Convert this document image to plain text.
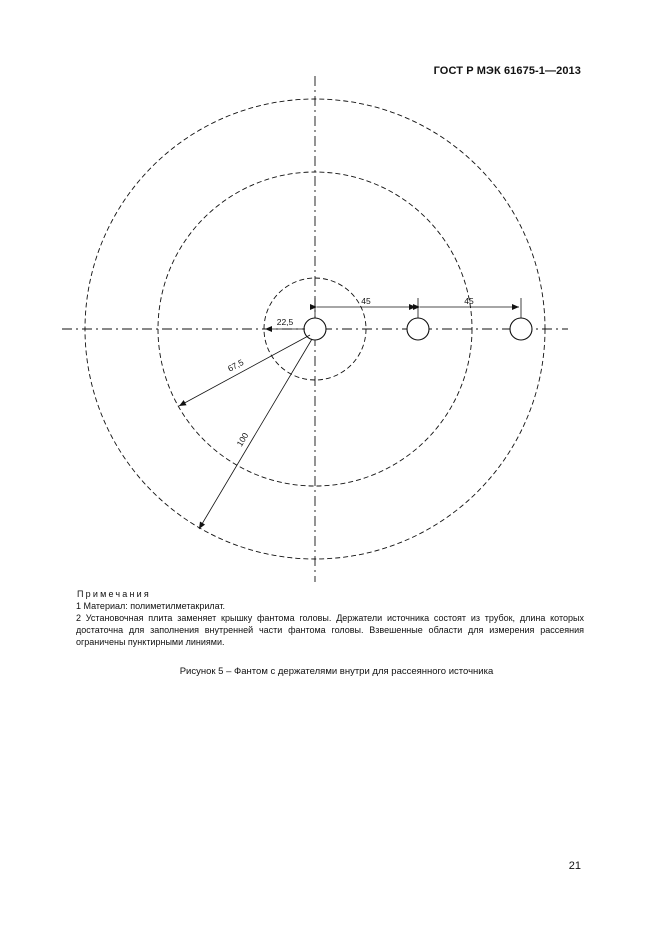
ГОСТ Р МЭК 61675-1—2013
45	45
22,5
67,5
100
Примечания
1 Материал: полиметилметакрилат.
2 Установочная плита заменяет крышку фантома головы. Держатели источника состоят из трубок, длина которых достаточна для заполнения внутренней части фантома головы. Взвешенные области для измерения рассеяния ограничены пунктирными линиями.
Рисунок 5 – Фантом с держателями внутри для рассеянного источника
21
